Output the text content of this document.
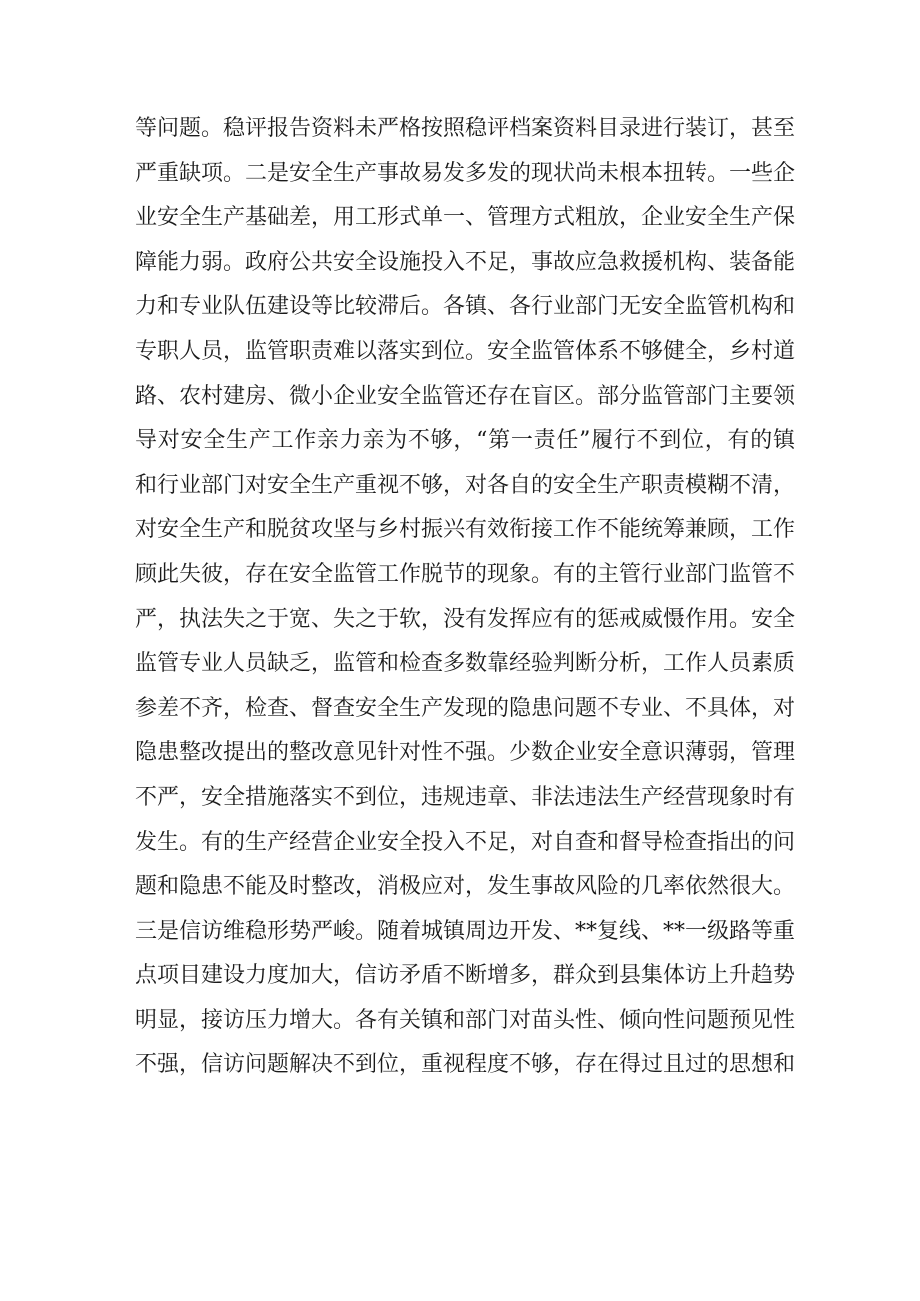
等问题。稳评报告资料未严格按照稳评档案资料目录进行装订，甚至
严重缺项。二是安全生产事故易发多发的现状尚未根本扭转。一些企
业安全生产基础差，用工形式单一、管理方式粗放，企业安全生产保
障能力弱。政府公共安全设施投入不足，事故应急救援机构、装备能
力和专业队伍建设等比较滞后。各镇、各行业部门无安全监管机构和
专职人员，监管职责难以落实到位。安全监管体系不够健全，乡村道
路、农村建房、微小企业安全监管还存在盲区。部分监管部门主要领
导对安全生产工作亲力亲为不够，“第一责任”履行不到位，有的镇
和行业部门对安全生产重视不够，对各自的安全生产职责模糊不清，
对安全生产和脱贫攻坚与乡村振兴有效衔接工作不能统筹兼顾，工作
顾此失彼，存在安全监管工作脱节的现象。有的主管行业部门监管不
严，执法失之于宽、失之于软，没有发挥应有的惩戒威慑作用。安全
监管专业人员缺乏，监管和检查多数靠经验判断分析，工作人员素质
参差不齐，检查、督查安全生产发现的隐患问题不专业、不具体，对
隐患整改提出的整改意见针对性不强。少数企业安全意识薄弱，管理
不严，安全措施落实不到位，违规违章、非法违法生产经营现象时有
发生。有的生产经营企业安全投入不足，对自查和督导检查指出的问
题和隐患不能及时整改，消极应对，发生事故风险的几率依然很大。
三是信访维稳形势严峻。随着城镇周边开发、**复线、**一级路等重
点项目建设力度加大，信访矛盾不断增多，群众到县集体访上升趋势
明显，接访压力增大。各有关镇和部门对苗头性、倾向性问题预见性
不强，信访问题解决不到位，重视程度不够，存在得过且过的思想和
